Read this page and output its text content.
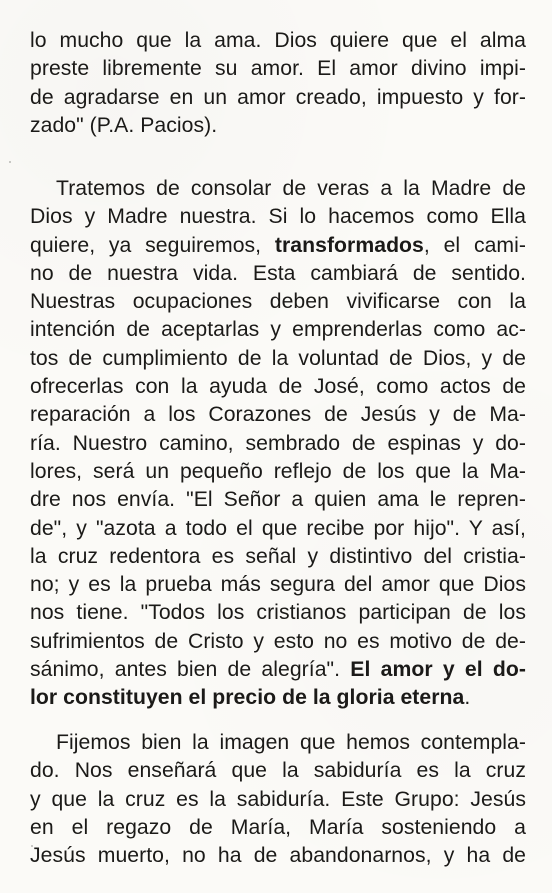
lo mucho que la ama. Dios quiere que el alma
preste libremente su amor. El amor divino impi-
de agradarse en un amor creado, impuesto y for-
zado" (P.A. Pacios).
Tratemos de consolar de veras a la Madre de
Dios y Madre nuestra. Si lo hacemos como Ella
quiere, ya seguiremos, transformados, el cami-
no de nuestra vida. Esta cambiará de sentido.
Nuestras ocupaciones deben vivificarse con la
intención de aceptarlas y emprenderlas como ac-
tos de cumplimiento de la voluntad de Dios, y de
ofrecerlas con la ayuda de José, como actos de
reparación a los Corazones de Jesús y de Ma-
ría. Nuestro camino, sembrado de espinas y do-
lores, será un pequeño reflejo de los que la Ma-
dre nos envía. "El Señor a quien ama le repren-
de", y "azota a todo el que recibe por hijo". Y así,
la cruz redentora es señal y distintivo del cristia-
no; y es la prueba más segura del amor que Dios
nos tiene. "Todos los cristianos participan de los
sufrimientos de Cristo y esto no es motivo de de-
sánimo, antes bien de alegría". El amor y el do-
lor constituyen el precio de la gloria eterna.
Fijemos bien la imagen que hemos contempla-
do. Nos enseñará que la sabiduría es la cruz
y que la cruz es la sabiduría. Este Grupo: Jesús
en el regazo de María, María sosteniendo a
Jesús muerto, no ha de abandonarnos, y ha de
